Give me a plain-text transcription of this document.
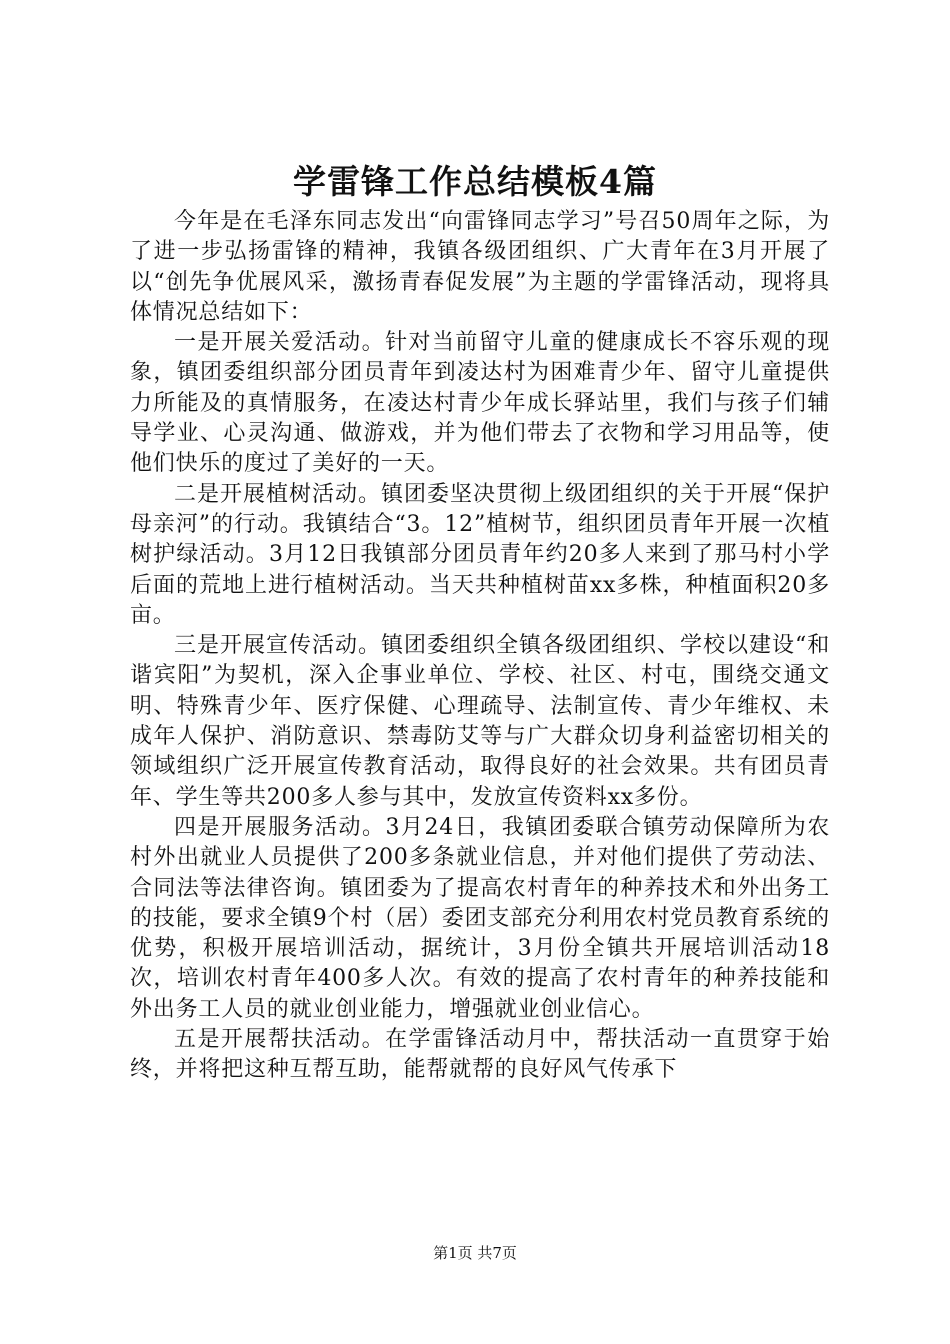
学雷锋工作总结模板4篇

今年是在毛泽东同志发出“向雷锋同志学习”号召50周年之际，为了进一步弘扬雷锋的精神，我镇各级团组织、广大青年在3月开展了以“创先争优展风采，激扬青春促发展”为主题的学雷锋活动，现将具体情况总结如下：

一是开展关爱活动。针对当前留守儿童的健康成长不容乐观的现象，镇团委组织部分团员青年到凌达村为困难青少年、留守儿童提供力所能及的真情服务，在凌达村青少年成长驿站里，我们与孩子们辅导学业、心灵沟通、做游戏，并为他们带去了衣物和学习用品等，使他们快乐的度过了美好的一天。

二是开展植树活动。镇团委坚决贯彻上级团组织的关于开展“保护母亲河”的行动。我镇结合“3。12”植树节，组织团员青年开展一次植树护绿活动。3月12日我镇部分团员青年约20多人来到了那马村小学后面的荒地上进行植树活动。当天共种植树苗xx多株，种植面积20多亩。

三是开展宣传活动。镇团委组织全镇各级团组织、学校以建设“和谐宾阳”为契机，深入企事业单位、学校、社区、村屯，围绕交通文明、特殊青少年、医疗保健、心理疏导、法制宣传、青少年维权、未成年人保护、消防意识、禁毒防艾等与广大群众切身利益密切相关的领域组织广泛开展宣传教育活动，取得良好的社会效果。共有团员青年、学生等共200多人参与其中，发放宣传资料xx多份。

四是开展服务活动。3月24日，我镇团委联合镇劳动保障所为农村外出就业人员提供了200多条就业信息，并对他们提供了劳动法、合同法等法律咨询。镇团委为了提高农村青年的种养技术和外出务工的技能，要求全镇9个村（居）委团支部充分利用农村党员教育系统的优势，积极开展培训活动，据统计，3月份全镇共开展培训活动18次，培训农村青年400多人次。有效的提高了农村青年的种养技能和外出务工人员的就业创业能力，增强就业创业信心。

五是开展帮扶活动。在学雷锋活动月中，帮扶活动一直贯穿于始终，并将把这种互帮互助，能帮就帮的良好风气传承下

第1页 共7页
